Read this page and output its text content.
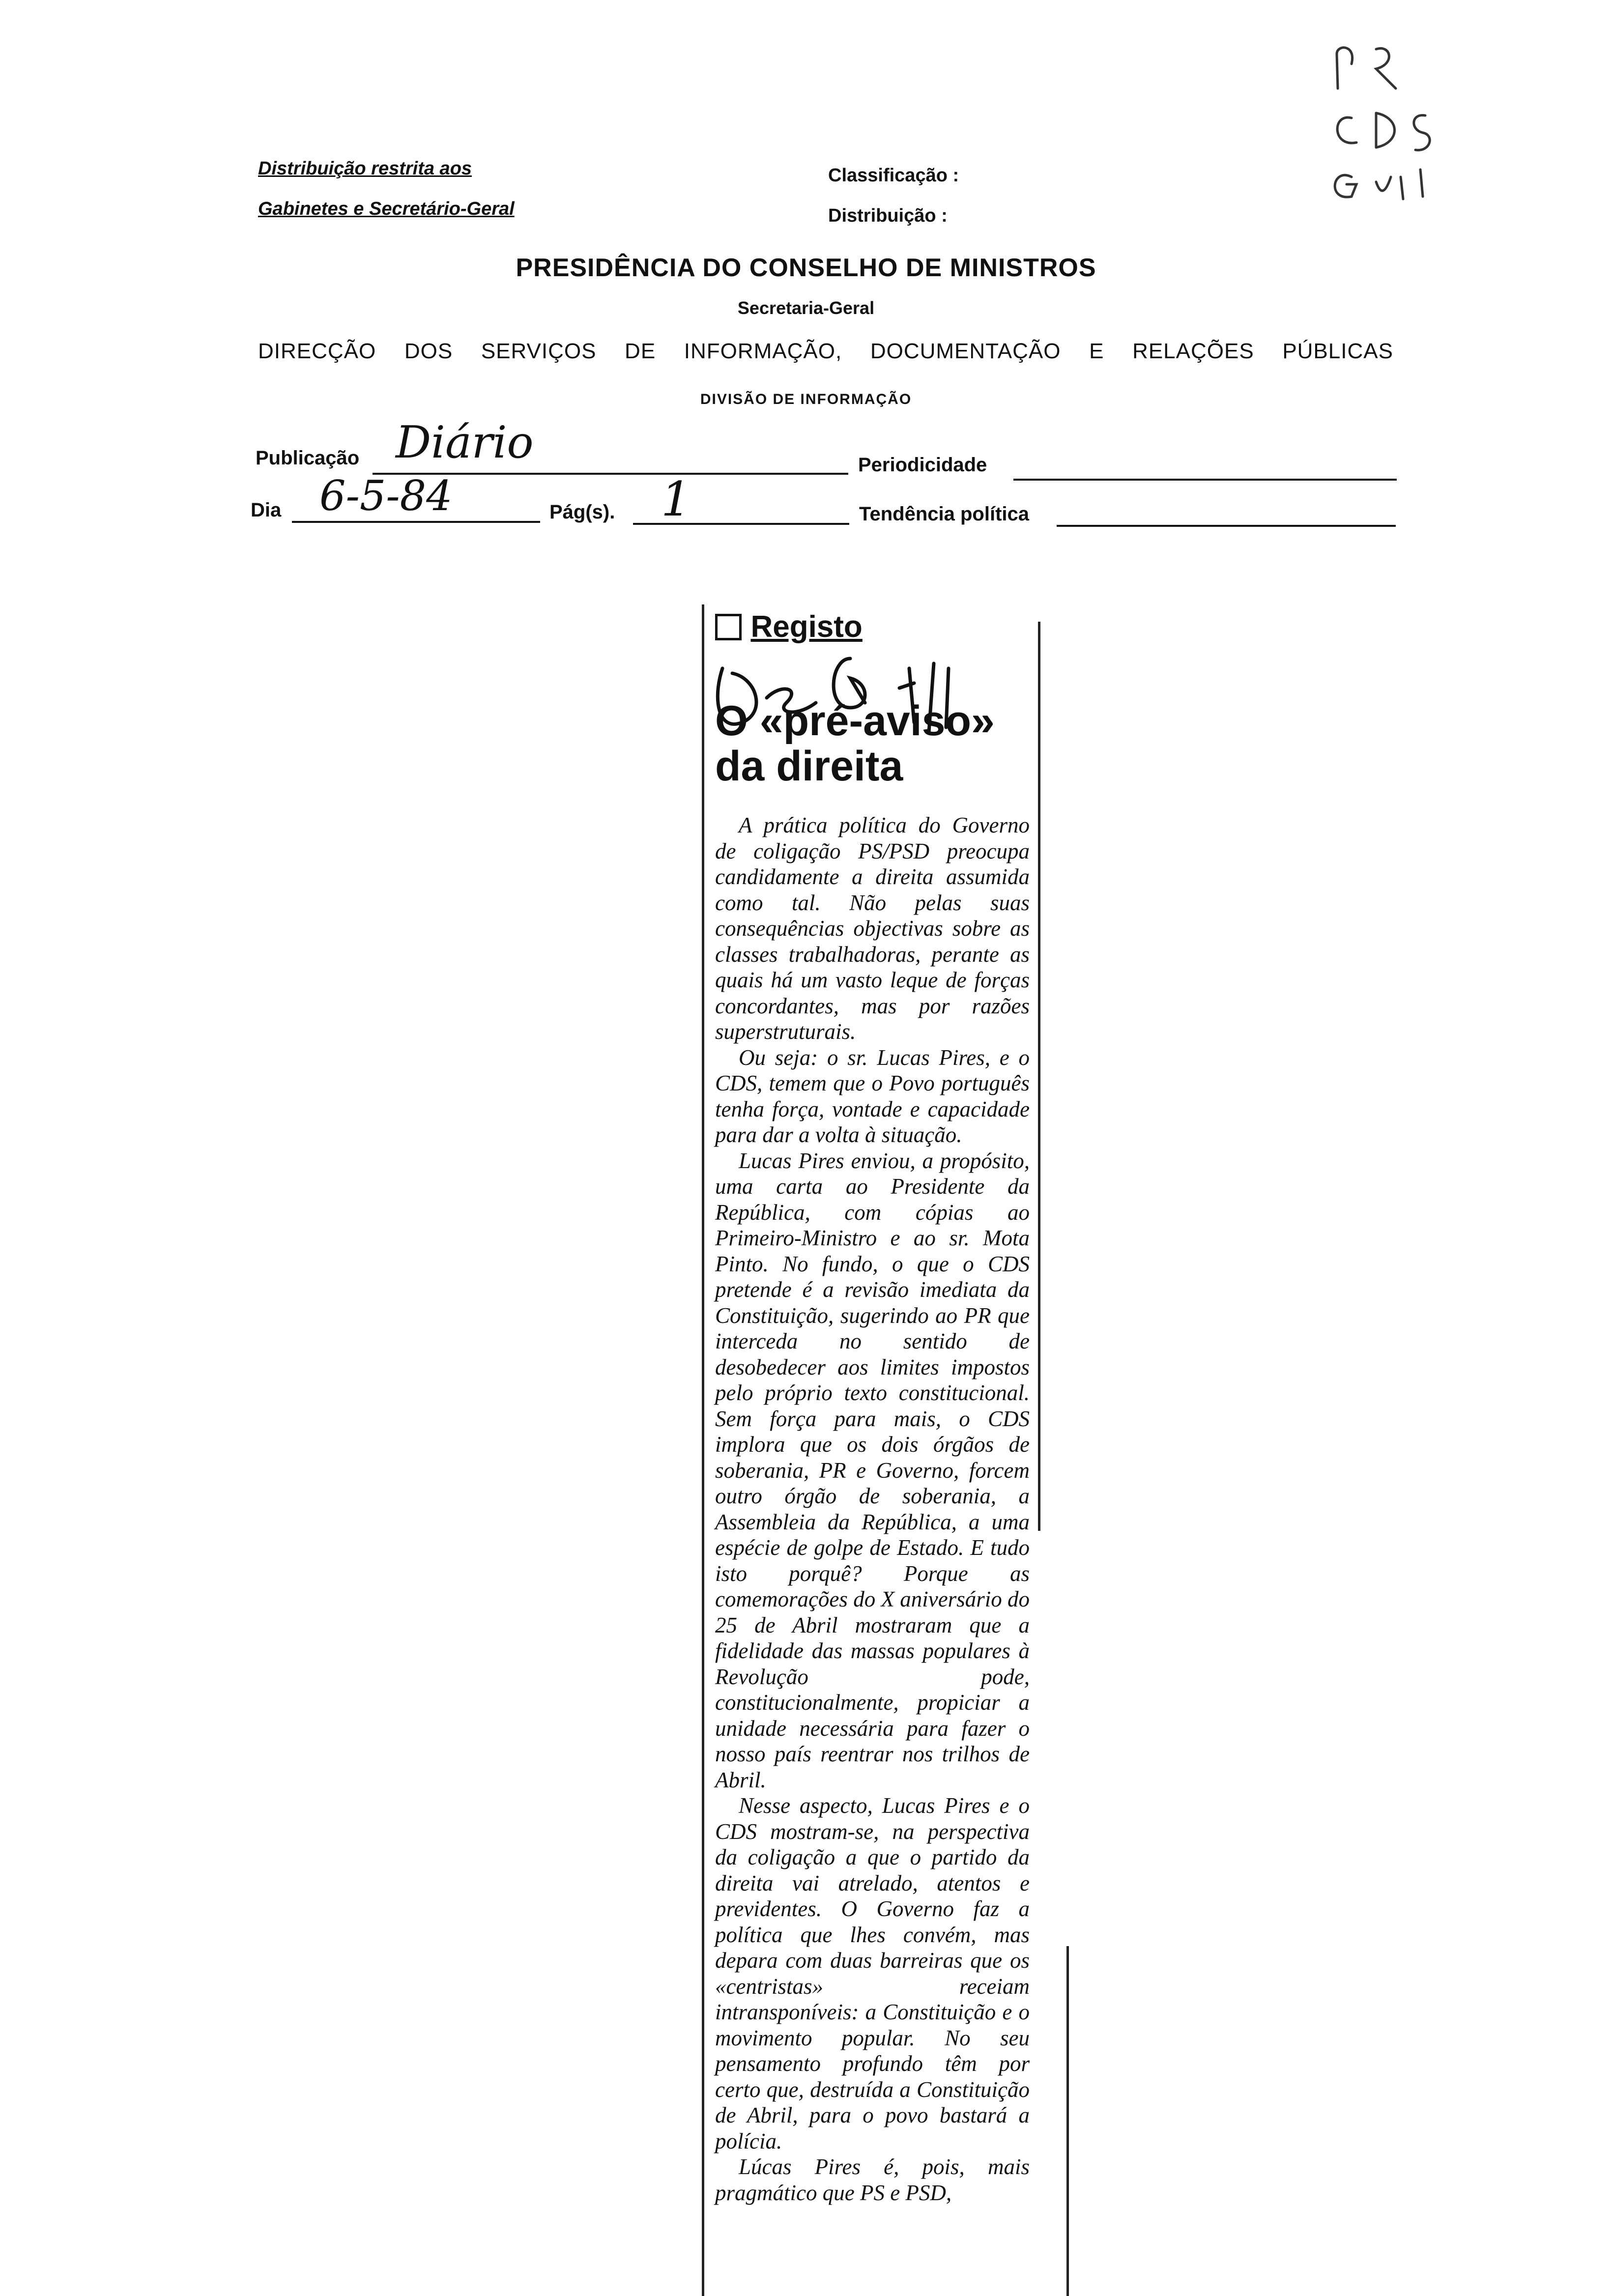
Distribuição restrita aos
Gabinetes e Secretário-Geral
Classificação :
Distribuição :
PRESIDÊNCIA DO CONSELHO DE MINISTROS
Secretaria-Geral
DIRECÇÃO DOS SERVIÇOS DE INFORMAÇÃO, DOCUMENTAÇÃO E RELAÇÕES PÚBLICAS
DIVISÃO DE INFORMAÇÃO
Publicação Diário	Periodicidade
Dia 6-5-84	Pág(s). 1	Tendência política
Registo
O «pré-aviso»
da direita

A prática política do Governo de coligação PS/PSD preocupa candidamente a direita assumida como tal. Não pelas suas consequências objectivas sobre as classes trabalhadoras, perante as quais há um vasto leque de forças concordantes, mas por razões superstruturais.

Ou seja: o sr. Lucas Pires, e o CDS, temem que o Povo português tenha força, vontade e capacidade para dar a volta à situação.

Lucas Pires enviou, a propósito, uma carta ao Presidente da República, com cópias ao Primeiro-Ministro e ao sr. Mota Pinto. No fundo, o que o CDS pretende é a revisão imediata da Constituição, sugerindo ao PR que interceda no sentido de desobedecer aos limites impostos pelo próprio texto constitucional. Sem força para mais, o CDS implora que os dois órgãos de soberania, PR e Governo, forcem outro órgão de soberania, a Assembleia da República, a uma espécie de golpe de Estado. E tudo isto porquê? Porque as comemorações do X aniversário do 25 de Abril mostraram que a fidelidade das massas populares à Revolução pode, constitucionalmente, propiciar a unidade necessária para fazer o nosso país reentrar nos trilhos de Abril.

Nesse aspecto, Lucas Pires e o CDS mostram-se, na perspectiva da coligação a que o partido da direita vai atrelado, atentos e previdentes. O Governo faz a política que lhes convém, mas depara com duas barreiras que os «centristas» receiam intransponíveis: a Constituição e o movimento popular. No seu pensamento profundo têm por certo que, destruída a Constituição de Abril, para o povo bastará a polícia.

Lúcas Pires é, pois, mais pragmático que PS e PSD,
